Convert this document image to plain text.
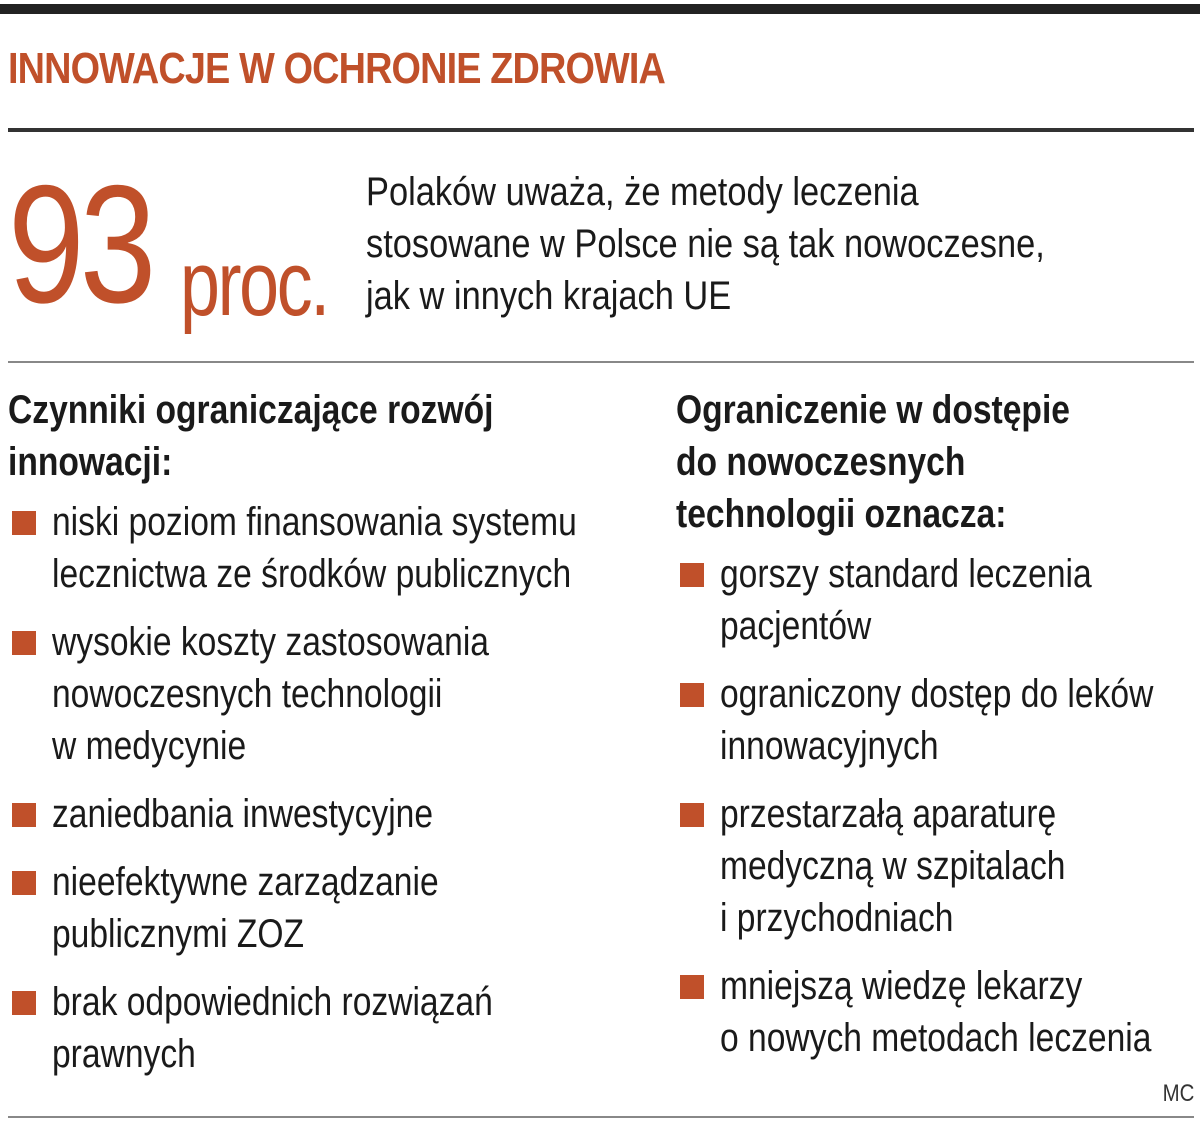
INNOWACJE W OCHRONIE ZDROWIA
93 proc.

Polaków uważa, że metody leczenia
stosowane w Polsce nie są tak nowoczesne,
jak w innych krajach UE

Czynniki ograniczające rozwój
innowacji:
niski poziom finansowania systemu
lecznictwa ze środków publicznych
wysokie koszty zastosowania
nowoczesnych technologii
w medycynie
zaniedbania inwestycyjne
nieefektywne zarządzanie
publicznymi ZOZ
brak odpowiednich rozwiązań
prawnych
Ograniczenie w dostępie
do nowoczesnych
technologii oznacza:
gorszy standard leczenia
pacjentów
ograniczony dostęp do leków
innowacyjnych
przestarzałą aparaturę
medyczną w szpitalach
i przychodniach
mniejszą wiedzę lekarzy
o nowych metodach leczenia
MC
